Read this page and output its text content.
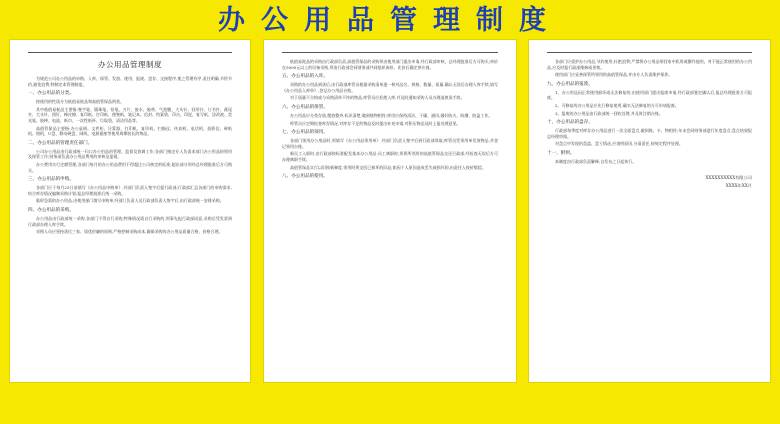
办公用品管理制度
办公用品管理制度
为规范公司办公用品的申购、入库、保管、发放、使用、报废、盘存、交接程序,使之管理有序,责任明确,节俭节约,避免浪费,特制定本管理制度。
一、办公用品的分类。
按使用的性质分为低值易耗品和高值管保品两类。
其中低值易耗品主要指:签字笔、圆珠笔、铅笔、刀片、胶水、胶带、气泡膜、大头针、回形针、订书针、燕尾夹、大头针、图钉、橡皮擦、复印纸、打印纸、便签纸、笔记本、信封、档案袋、印台、印泥、复写纸、涂改液、荧光笔、胶棒、电池、纸巾、一次性纸杯、垃圾袋、清洁用品等。
高值管保品主要指:办公桌椅、文件柜、计算器、打印机、复印机、扫描仪、传真机、电话机、投影仪、碎纸机、相机、U盘、移动硬盘、网线、电源插座等使用周期较长的物品。
二、办公用品的管理责任部门。
公司办公用品由行政部统一归口办公用品的管理、监督及协调工作;各部门指定专人负责本部门办公用品的领用及保管工作;财务部负责办公用品费用的审核及报销。
办公费用实行定额管理,各部门每月的办公用品费用不得超过公司核定的标准;超出部分须经总经理批准后方可购买。
三、办公用品的申购。
各部门应于每月25日前填写《办公用品申购单》,经部门负责人签字后报行政部;行政部汇总各部门的申购需求,结合库存情况编制采购计划,报总经理批准后统一采购。
临时急需的办公用品,由使用部门填写申购单,经部门负责人及行政部负责人签字后,由行政部统一安排采购。
四、办公用品的采购。
办公用品由行政部统一采购,各部门不得自行采购;特殊情况需自行采购的,须事先报行政部同意,采购后凭发票到行政部办理入库手续。
采购人员应坚持货比三家、质优价廉的原则,严格控制采购成本,确保采购的办公用品质量合格、价格合理。
低值易耗品的采购由行政部负责,高值管保品的采购须由使用部门提出申请,经行政部审核、总经理批准后方可购买;单价在5000元以上的设备采购,须由行政部会同财务部共同组织询价、比价后确定供应商。
五、办公用品的入库。
采购的办公用品到货后,由行政部库管员根据采购清单逐一核对品名、规格、数量、质量,确认无误后办理入库手续,填写《办公用品入库单》,登记办公用品台账。
对于质量不合格或与采购清单不符的物品,库管员应拒绝入库,并及时通知采购人员办理退换货手续。
六、办公用品的保管。
办公用品应分类存放,摆放整齐,标识清楚,做到账物相符;库房应保持清洁、干燥、通风,做好防火、防潮、防盗工作。
库管员应定期检查库存情况,对库存不足的物品及时提出补充申请,对积压物品及时上报处理意见。
七、办公用品的领用。
各部门领用办公用品时,须填写《办公用品领用单》,经部门负责人签字后到行政部领取;库管员凭领用单发放物品,并登记领用台账。
新员工入职时,由行政部按标准配发基本办公用品;员工离职时,须将所领用的高值管保品交还行政部,经检查无误后方可办理离职手续。
高值管保品实行以旧换新制度,领用时须交回已损坏的旧品;如因个人原因造成丢失或损坏的,由责任人按价赔偿。
八、办公用品的使用。
各部门应爱护办公用品,节约使用,杜绝浪费;严禁将办公用品带回家中私用或挪作他用。对不能正常使用的办公用品,应及时报行政部维修或更换。
使用部门应妥善保管所领用的高值管保品,并由专人负责维护保养。
九、办公用品的报废。
1、办公用品因正常使用损坏或无法修复的,由使用部门提出报废申请,经行政部鉴定确认后,报总经理批准方可报废。
2、可修复的办公用品应先行修复使用,确实无法修复的方可申请报废。
3、报废的办公用品由行政部统一回收处理,并及时注销台账。
十、办公用品的盘存。
行政部每季度对库存办公用品进行一次全面盘点,做到账、卡、物相符;年末会同财务部进行年度盘点,盘点结果报总经理审阅。
对盘点中发现的盘盈、盘亏情况,应查明原因,分清责任,按规定程序处理。
十一、附则。
本制度由行政部负责解释,自发布之日起执行。
XXXXXXXXXX有限公司
XXXX年XX月
